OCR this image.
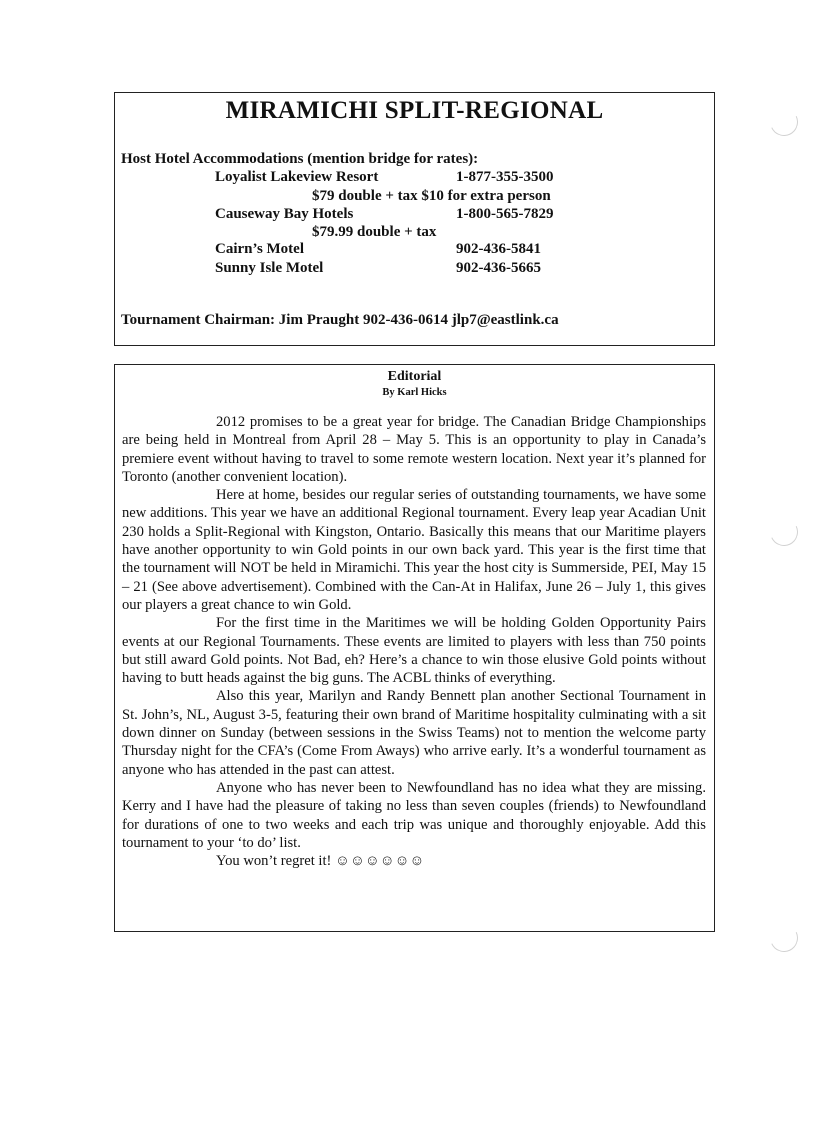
MIRAMICHI SPLIT-REGIONAL
Host Hotel Accommodations (mention bridge for rates):
Loyalist Lakeview Resort	1-877-355-3500
$79 double + tax $10 for extra person
Causeway Bay Hotels	1-800-565-7829
$79.99 double + tax
Cairn’s Motel	902-436-5841
Sunny Isle Motel	902-436-5665
Tournament Chairman: Jim Praught 902-436-0614 jlp7@eastlink.ca
Editorial
By Karl Hicks

2012 promises to be a great year for bridge. The Canadian Bridge Championships are being held in Montreal from April 28 – May 5. This is an opportunity to play in Canada’s premiere event without having to travel to some remote western location. Next year it’s planned for Toronto (another convenient location).

Here at home, besides our regular series of outstanding tournaments, we have some new additions. This year we have an additional Regional tournament. Every leap year Acadian Unit 230 holds a Split-Regional with Kingston, Ontario. Basically this means that our Maritime players have another opportunity to win Gold points in our own back yard. This year is the first time that the tournament will NOT be held in Miramichi. This year the host city is Summerside, PEI, May 15 – 21 (See above advertisement). Combined with the Can-At in Halifax, June 26 – July 1, this gives our players a great chance to win Gold.

For the first time in the Maritimes we will be holding Golden Opportunity Pairs events at our Regional Tournaments. These events are limited to players with less than 750 points but still award Gold points. Not Bad, eh? Here’s a chance to win those elusive Gold points without having to butt heads against the big guns. The ACBL thinks of everything.

Also this year, Marilyn and Randy Bennett plan another Sectional Tournament in St. John’s, NL, August 3-5, featuring their own brand of Maritime hospitality culminating with a sit down dinner on Sunday (between sessions in the Swiss Teams) not to mention the welcome party Thursday night for the CFA’s (Come From Aways) who arrive early. It’s a wonderful tournament as anyone who has attended in the past can attest.

Anyone who has never been to Newfoundland has no idea what they are missing. Kerry and I have had the pleasure of taking no less than seven couples (friends) to Newfoundland for durations of one to two weeks and each trip was unique and thoroughly enjoyable. Add this tournament to your ‘to do’ list.

You won’t regret it! ☺☺☺☺☺☺
